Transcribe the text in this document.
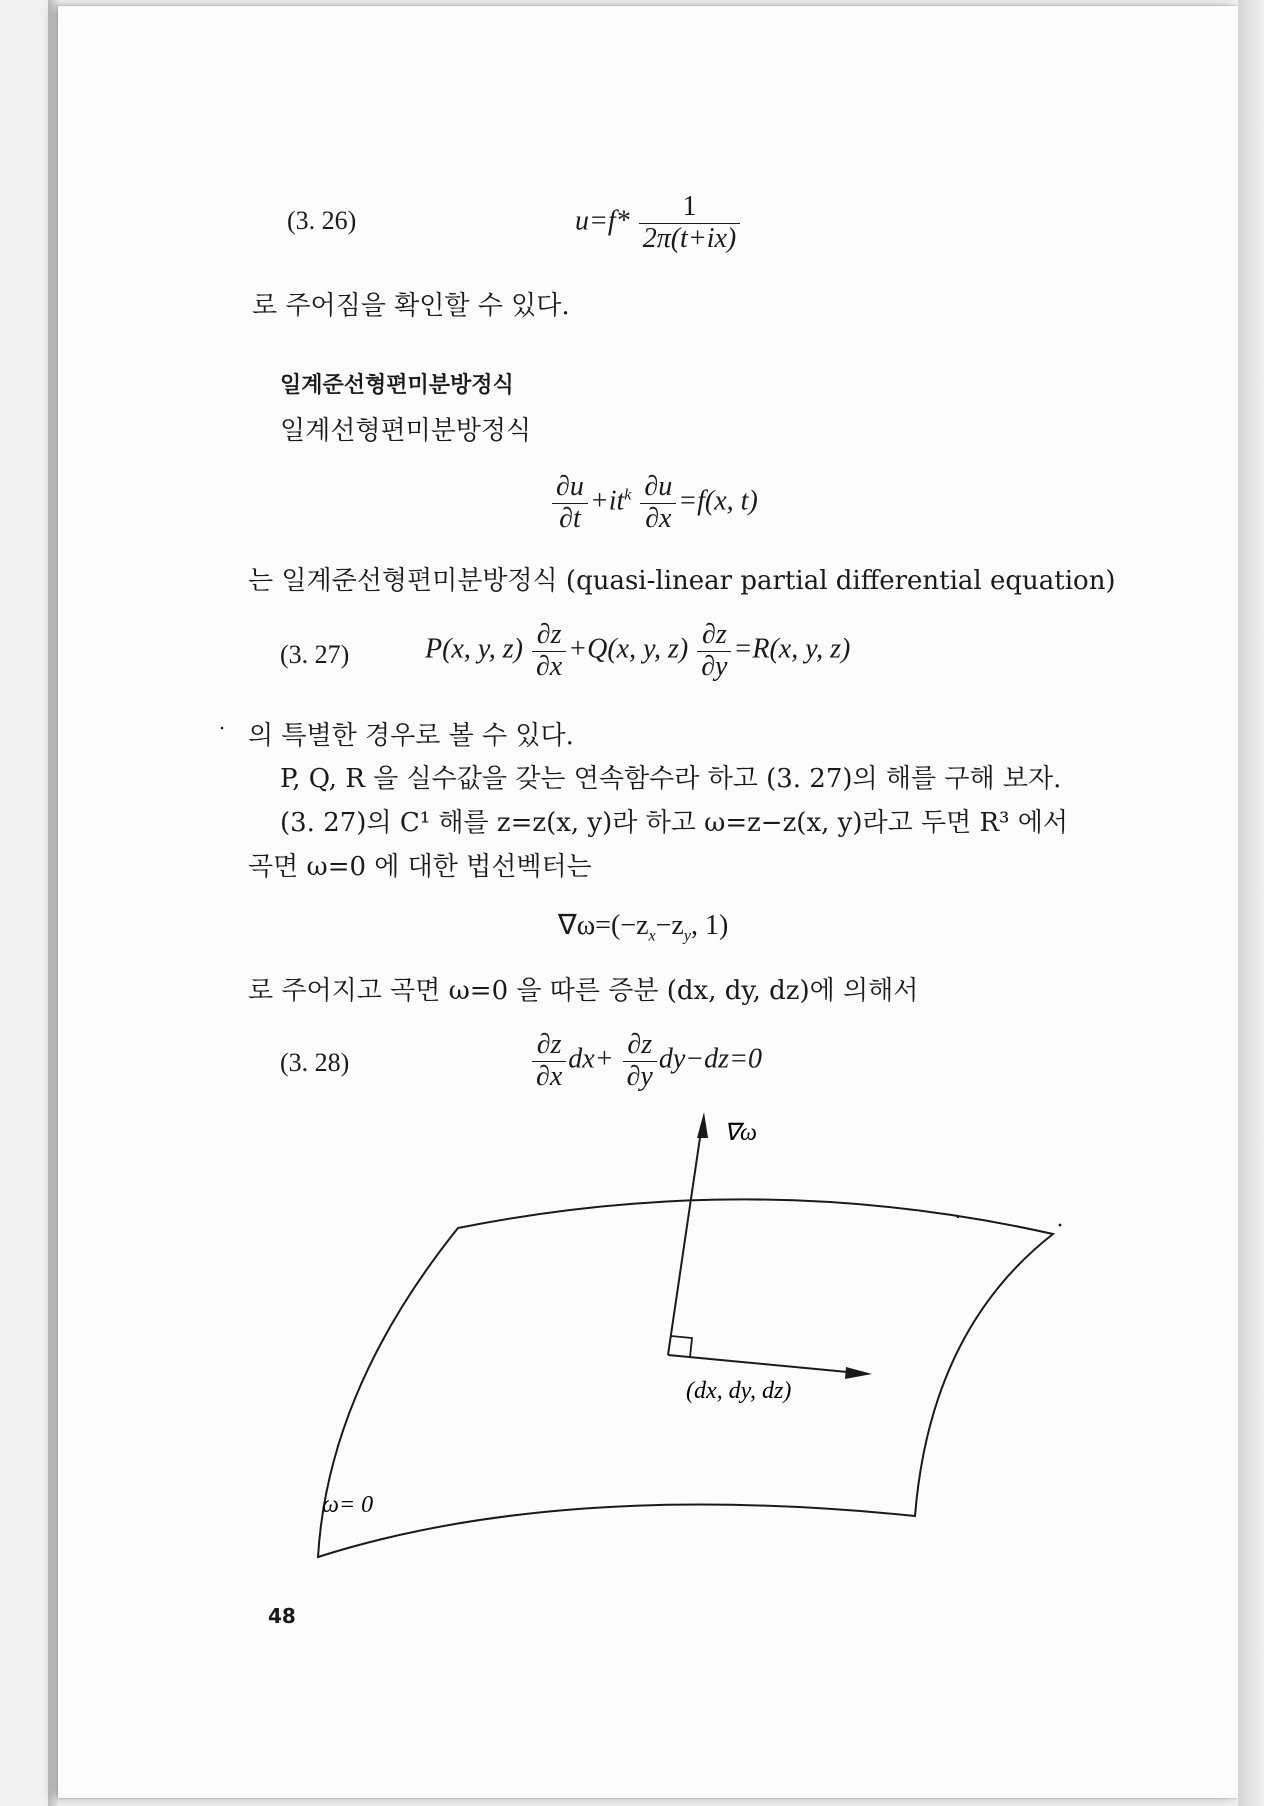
(3. 26)	$u=f* \frac{1}{2\pi(t+ix)}$
로 주어짐을 확인할 수 있다.
일계준선형편미분방정식
일계선형편미분방정식
$\frac{\partial u}{\partial t} +it^k \frac{\partial u}{\partial x} =f(x$, t)
는 일계준선형편미분방정식 (quasi-linear partial differential equation)
(3. 27)	P(x, y, $z) \frac{\partial z}{\partial x} +Q(x$, y, $z) \frac{\partial z}{\partial y} =R(x$, y, z)
의 특별한 경우로 볼 수 있다.
P, Q, R 을 실수값을 갖는 연속함수라 하고 (3. 27)의 해를 구해 보자.
(3. 27)의 C¹ 해를 z=z(x, y)라 하고 ω=z−z(x, y)라고 두면 R³ 에서
곡면 ω=0 에 대한 법선벡터는
$\nabla\omega=(-z_x-z_y$, 1)
로 주어지고 곡면 ω=0 을 따른 증분 (dx, dy, dz)에 의해서
(3. 28)	$\frac{\partial z}{\partial x} dx+ \frac{\partial z}{\partial y} dy-dz=0$
∇ω
(dx, dy, dz)
ω= 0
48
